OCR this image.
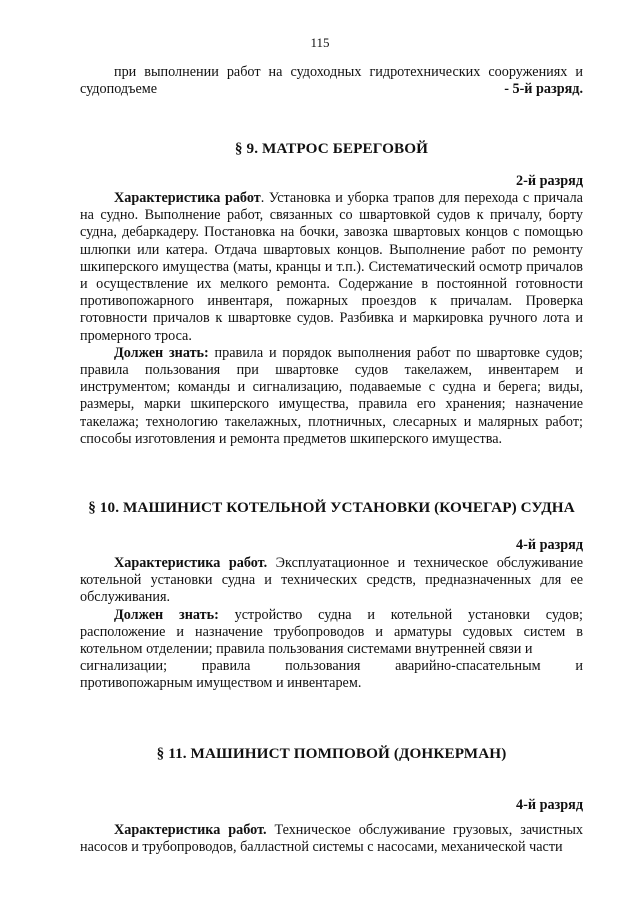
115

при выполнении работ на судоходных гидротехнических сооружениях и

судоподъеме	- 5-й разряд.
§ 9. МАТРОС БЕРЕГОВОЙ
2-й разряд

Характеристика работ. Установка и уборка трапов для перехода с причала на судно. Выполнение работ, связанных со швартовкой судов к причалу, борту судна, дебаркадеру. Постановка на бочки, завозка швартовых концов с помощью шлюпки или катера. Отдача швартовых концов. Выполнение работ по ремонту шкиперского имущества (маты, кранцы и т.п.). Систематический осмотр причалов и осуществление их мелкого ремонта. Содержание в постоянной готовности противопожарного инвентаря, пожарных проездов к причалам. Проверка готовности причалов к швартовке судов. Разбивка и маркировка ручного лота и промерного троса.

Должен знать: правила и порядок выполнения работ по швартовке судов; правила пользования при швартовке судов такелажем, инвентарем и инструментом; команды и сигнализацию, подаваемые с судна и берега; виды, размеры, марки шкиперского имущества, правила его хранения; назначение такелажа; технологию такелажных, плотничных, слесарных и малярных работ; способы изготовления и ремонта предметов шкиперского имущества.

§ 10. МАШИНИСТ КОТЕЛЬНОЙ УСТАНОВКИ (КОЧЕГАР) СУДНА
4-й разряд

Характеристика работ. Эксплуатационное и техническое обслуживание котельной установки судна и технических средств, предназначенных для ее обслуживания.

Должен знать: устройство судна и котельной установки судов; расположение и назначение трубопроводов и арматуры судовых систем в котельном отделении; правила пользования системами внутренней связи и

сигнализации; правила пользования аварийно-спасательным и

противопожарным имуществом и инвентарем.

§ 11. МАШИНИСТ ПОМПОВОЙ (ДОНКЕРМАН)
4-й разряд

Характеристика работ. Техническое обслуживание грузовых, зачистных насосов и трубопроводов, балластной системы с насосами, механической части
